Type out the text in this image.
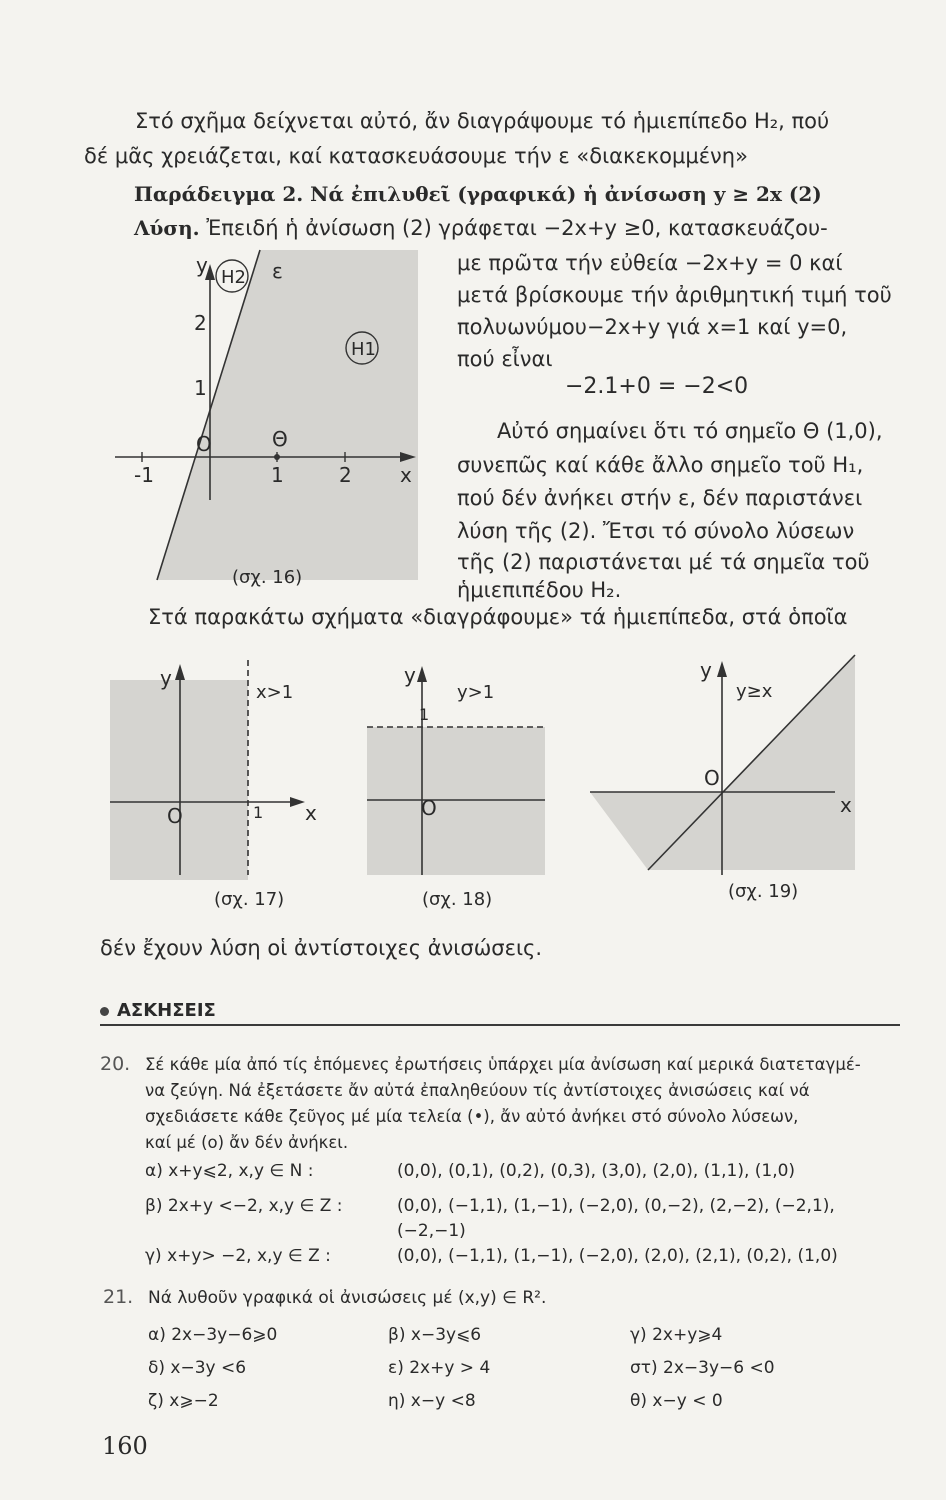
Στό σχῆμα δείχνεται αὐτό, ἄν διαγράψουμε τό ἡμιεπίπεδο H₂, πού
δέ μᾶς χρειάζεται, καί κατασκευάσουμε τήν ε «διακεκομμένη»
Παράδειγμα 2. Νά ἐπιλυθεῖ (γραφικά) ἡ ἀνίσωση y ≥ 2x (2)
Λύση. Ἐπειδή ἡ ἀνίσωση (2) γράφεται −2x+y ≥0, κατασκευάζου-
με πρῶτα τήν εὐθεία −2x+y = 0 καί
μετά βρίσκουμε τήν ἀριθμητική τιμή τοῦ
πολυωνύμου−2x+y γιά x=1 καί y=0,
πού εἶναι
−2.1+0 = −2<0
Αὐτό σημαίνει ὅτι τό σημεῖο Θ (1,0),
συνεπῶς καί κάθε ἄλλο σημεῖο τοῦ H₁,
πού δέν ἀνήκει στήν ε, δέν παριστάνει
λύση τῆς (2). Ἔτσι τό σύνολο λύσεων
τῆς (2) παριστάνεται μέ τά σημεῖα τοῦ
ἡμιεπιπέδου H₂.
y
H2 ε
H1
2
1
O	Θ
-1	1	2 x
(σχ. 16)
Στά παρακάτω σχήματα «διαγράφουμε» τά ἡμιεπίπεδα, στά ὁποῖα
y
x>1
O	1 x
(σχ. 17)
y
y>1
1
O
(σχ. 18)
y
y≥x
O
x
(σχ. 19)
δέν ἔχουν λύση οἱ ἀντίστοιχες ἀνισώσεις.
ΑΣΚΗΣΕΙΣ
20. Σέ κάθε μία ἀπό τίς ἑπόμενες ἐρωτήσεις ὑπάρχει μία ἀνίσωση καί μερικά διατεταγμέ-
να ζεύγη. Νά ἐξετάσετε ἄν αὐτά ἐπαληθεύουν τίς ἀντίστοιχες ἀνισώσεις καί νά
σχεδιάσετε κάθε ζεῦγος μέ μία τελεία (•), ἄν αὐτό ἀνήκει στό σύνολο λύσεων,
καί μέ (o) ἄν δέν ἀνήκει.
α) x+y⩽2, x,y ∈ N :	(0,0), (0,1), (0,2), (0,3), (3,0), (2,0), (1,1), (1,0)
β) 2x+y <−2, x,y ∈ Z :	(0,0), (−1,1), (1,−1), (−2,0), (0,−2), (2,−2), (−2,1),
(−2,−1)
γ) x+y> −2, x,y ∈ Z :	(0,0), (−1,1), (1,−1), (−2,0), (2,0), (2,1), (0,2), (1,0)
21. Νά λυθοῦν γραφικά οἱ ἀνισώσεις μέ (x,y) ∈ R².
α) 2x−3y−6⩾0	β) x−3y⩽6	γ) 2x+y⩾4
δ) x−3y <6	ε) 2x+y > 4	στ) 2x−3y−6 <0
ζ) x⩾−2	η) x−y <8	θ) x−y < 0
160
